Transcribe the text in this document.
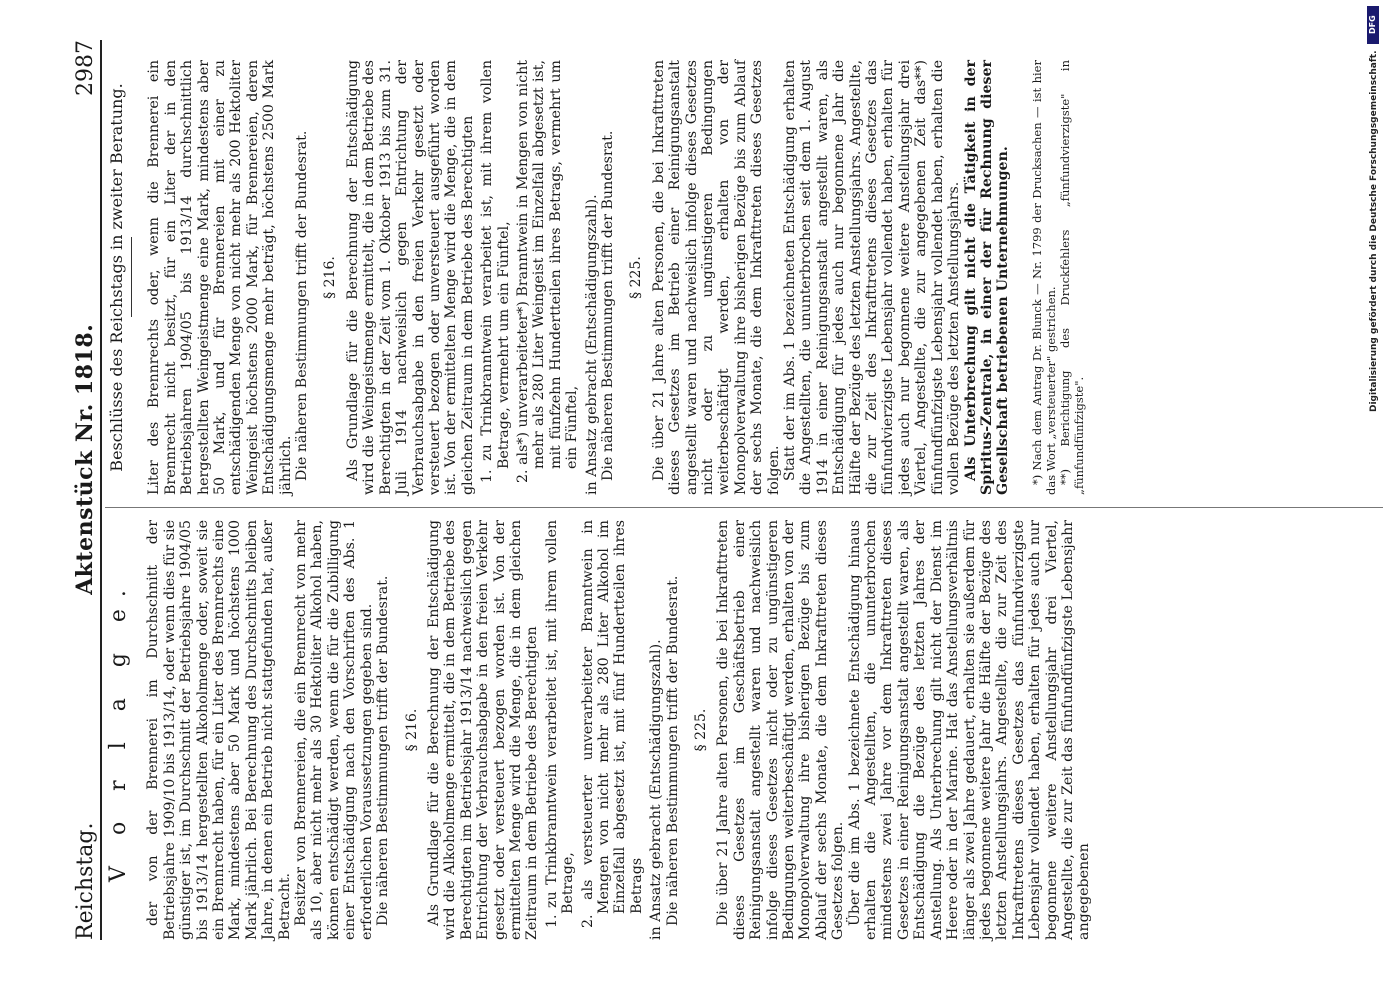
Reichstag.
Aktenstück Nr. 1818.
2987
V o r l a g e. der von der Brennerei im Durchschnitt der Betriebsjahre 1909/10 bis 1913/14, oder wenn dies für sie günstiger ist, im Durchschnitt der Betriebsjahre 1904/05 bis 1913/14 hergestellten Alkoholmenge oder, soweit sie ein Brennrecht haben, für ein Liter des Brennrechts eine Mark, mindestens aber 50 Mark und höchstens 1000 Mark jährlich. Bei Berechnung des Durchschnitts bleiben Jahre, in denen ein Betrieb nicht stattgefunden hat, außer Betracht. Besitzer von Brennereien, die ein Brennrecht von mehr als 10, aber nicht mehr als 30 Hektoliter Alkohol haben, können entschädigt werden, wenn die für die Zubilligung einer Entschädigung nach den Vorschriften des Abs. 1 erforderlichen Voraussetzungen gegeben sind. Die näheren Bestimmungen trifft der Bundesrat. § 216. Als Grundlage für die Berechnung der Entschädigung wird die Alkoholmenge ermittelt, die in dem Betriebe des Berechtigten im Betriebsjahr 1913/14 nachweislich gegen Entrichtung der Verbrauchsabgabe in den freien Verkehr gesetzt oder versteuert bezogen worden ist. Von der ermittelten Menge wird die Menge, die in dem gleichen Zeitraum in dem Betriebe des Berechtigten 1. zu Trinkbranntwein verarbeitet ist, mit ihrem vollen Betrage, 2. als versteuerter unverarbeiteter Branntwein in Mengen von nicht mehr als 280 Liter Alkohol im Einzelfall abgesetzt ist, mit fünf Hundertteilen ihres Betrags in Ansatz gebracht (Entschädigungszahl). Die näheren Bestimmungen trifft der Bundesrat. § 225. Die über 21 Jahre alten Personen, die bei Inkrafttreten dieses Gesetzes im Geschäftsbetrieb einer Reinigungsanstalt angestellt waren und nachweislich infolge dieses Gesetzes nicht oder zu ungünstigeren Bedingungen weiterbeschäftigt werden, erhalten von der Monopolverwaltung ihre bisherigen Bezüge bis zum Ablauf der sechs Monate, die dem Inkrafttreten dieses Gesetzes folgen. Über die im Abs. 1 bezeichnete Entschädigung hinaus erhalten die Angestellten, die ununterbrochen mindestens zwei Jahre vor dem Inkrafttreten dieses Gesetzes in einer Reinigungsanstalt angestellt waren, als Entschädigung die Bezüge des letzten Jahres der Anstellung. Als Unterbrechung gilt nicht der Dienst im Heere oder in der Marine. Hat das Anstellungsverhältnis länger als zwei Jahre gedauert, erhalten sie außerdem für jedes begonnene weitere Jahr die Hälfte der Bezüge des letzten Anstellungsjahrs. Angestellte, die zur Zeit des Inkrafttretens dieses Gesetzes das fünfundvierzigste Lebensjahr vollendet haben, erhalten für jedes auch nur begonnene weitere Anstellungsjahr drei Viertel, Angestellte, die zur Zeit das fünfundfünfzigste Lebensjahr angegebenen

Beschlüsse des Reichstags in zweiter Beratung. Liter des Brennrechts oder, wenn die Brennerei ein Brennrecht nicht besitzt, für ein Liter der in den Betriebsjahren 1904/05 bis 1913/14 durchschnittlich hergestellten Weingeistmenge eine Mark, mindestens aber 50 Mark, und für Brennereien mit einer zu entschädigenden Menge von nicht mehr als 200 Hektoliter Weingeist höchstens 2000 Mark, für Brennereien, deren Entschädigungsmenge mehr beträgt, höchstens 2500 Mark jährlich. Die näheren Bestimmungen trifft der Bundesrat. § 216. Als Grundlage für die Berechnung der Entschädigung wird die Weingeistmenge ermittelt, die in dem Betriebe des Berechtigten in der Zeit vom 1. Oktober 1913 bis zum 31. Juli 1914 nachweislich gegen Entrichtung der Verbrauchsabgabe in den freien Verkehr gesetzt oder versteuert bezogen oder unversteuert ausgeführt worden ist. Von der ermittelten Menge wird die Menge, die in dem gleichen Zeitraum in dem Betriebe des Berechtigten 1. zu Trinkbranntwein verarbeitet ist, mit ihrem vollen Betrage, vermehrt um ein Fünftel, 2. als*) unverarbeiteter*) Branntwein in Mengen von nicht mehr als 280 Liter Weingeist im Einzelfall abgesetzt ist, mit fünfzehn Hundertteilen ihres Betrags, vermehrt um ein Fünftel, in Ansatz gebracht (Entschädigungszahl). Die näheren Bestimmungen trifft der Bundesrat. § 225. Die über 21 Jahre alten Personen, die bei Inkrafttreten dieses Gesetzes im Betrieb einer Reinigungsanstalt angestellt waren und nachweislich infolge dieses Gesetzes nicht oder zu ungünstigeren Bedingungen weiterbeschäftigt werden, erhalten von der Monopolverwaltung ihre bisherigen Bezüge bis zum Ablauf der sechs Monate, die dem Inkrafttreten dieses Gesetzes folgen. Statt der im Abs. 1 bezeichneten Entschädigung erhalten die Angestellten, die ununterbrochen seit dem 1. August 1914 in einer Reinigungsanstalt angestellt waren, als Entschädigung für jedes auch nur begonnene Jahr die Hälfte der Bezüge des letzten Anstellungsjahrs. Angestellte, die zur Zeit des Inkrafttretens dieses Gesetzes das fünfundvierzigste Lebensjahr vollendet haben, erhalten für jedes auch nur begonnene weitere Anstellungsjahr drei Viertel, Angestellte, die zur angegebenen Zeit das**) fünfundfünfzigste Lebensjahr vollendet haben, erhalten die vollen Bezüge des letzten Anstellungsjahrs. Als Unterbrechung gilt nicht die Tätigkeit in der Spiritus-Zentrale, in einer der für Rechnung dieser Gesellschaft betriebenen Unternehmungen. *) Nach dem Antrag Dr. Blunck — Nr. 1799 der Drucksachen — ist hier das Wort „versteuerter" gestrichen. **) Berichtigung des Druckfehlers „fünfundvierzigste" in „fünfundfünfzigste".

DFG
Digitalisierung gefördert durch die Deutsche Forschungsgemeinschaft.
